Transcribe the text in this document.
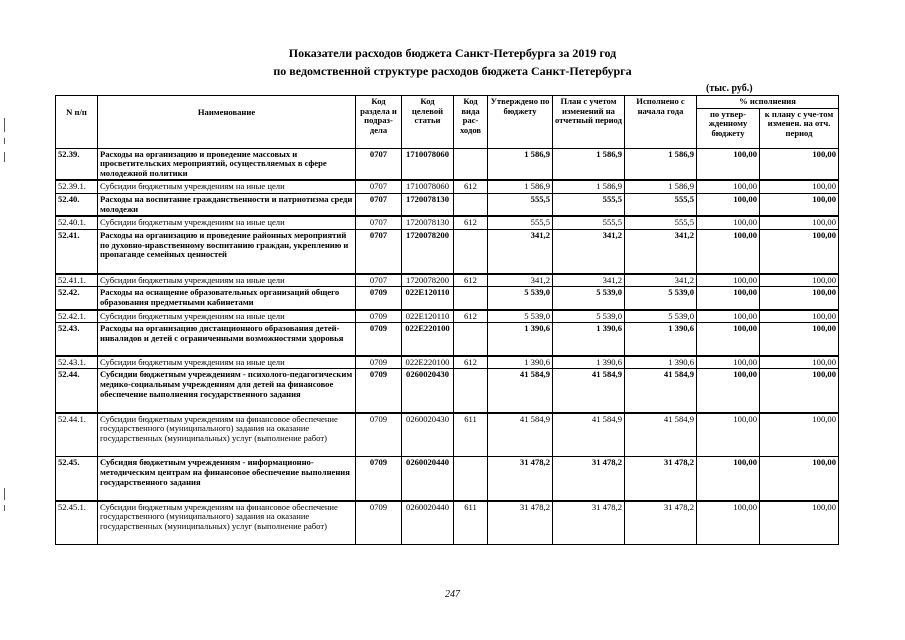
Показатели расходов бюджета Санкт-Петербурга за 2019 год
по ведомственной структуре расходов бюджета Санкт-Петербурга
(тыс. руб.)
N п/п	Наименование	Код раздела и подраз-дела	Код целевой статьи	Код вида рас-ходов	Утверждено по бюджету	План с учетом изменений на отчетный период	Исполнено с начала года	% исполнения	
								по утвер-жденному бюджету	к плану с уче-том изменен. на отч. период
52.39.	Расходы на организацию и проведение массовых и просветительских мероприятий, осуществляемых в сфере молодежной политики	0707	1710078060		1 586,9	1 586,9	1 586,9	100,00	100,00
52.39.1.	Субсидии бюджетным учреждениям на иные цели	0707	1710078060	612	1 586,9	1 586,9	1 586,9	100,00	100,00
52.40.	Расходы на воспитание гражданственности и патриотизма среди молодежи	0707	1720078130		555,5	555,5	555,5	100,00	100,00
52.40.1.	Субсидии бюджетным учреждениям на иные цели	0707	1720078130	612	555,5	555,5	555,5	100,00	100,00
52.41.	Расходы на организацию и проведение районных мероприятий по духовно-нравственному воспитанию граждан, укреплению и пропаганде семейных ценностей	0707	1720078200		341,2	341,2	341,2	100,00	100,00
52.41.1.	Субсидии бюджетным учреждениям на иные цели	0707	1720078200	612	341,2	341,2	341,2	100,00	100,00
52.42.	Расходы на оснащение образовательных организаций общего образования предметными кабинетами	0709	022Е120110		5 539,0	5 539,0	5 539,0	100,00	100,00
52.42.1.	Субсидии бюджетным учреждениям на иные цели	0709	022Е120110	612	5 539,0	5 539,0	5 539,0	100,00	100,00
52.43.	Расходы на организацию дистанционного образования детей-инвалидов и детей с ограниченными возможностями здоровья	0709	022Е220100		1 390,6	1 390,6	1 390,6	100,00	100,00
52.43.1.	Субсидии бюджетным учреждениям на иные цели	0709	022Е220100	612	1 390,6	1 390,6	1 390,6	100,00	100,00
52.44.	Субсидии бюджетным учреждениям - психолого-педагогическим медико-социальным учреждениям для детей на финансовое обеспечение выполнения государственного задания	0709	0260020430		41 584,9	41 584,9	41 584,9	100,00	100,00
52.44.1.	Субсидии бюджетным учреждениям на финансовое обеспечение государственного (муниципального) задания на оказание государственных (муниципальных) услуг (выполнение работ)	0709	0260020430	611	41 584,9	41 584,9	41 584,9	100,00	100,00
52.45.	Субсидия бюджетным учреждениям - информационно-методическим центрам на финансовое обеспечение выполнения государственного задания	0709	0260020440		31 478,2	31 478,2	31 478,2	100,00	100,00
52.45.1.	Субсидии бюджетным учреждениям на финансовое обеспечение государственного (муниципального) задания на оказание государственных (муниципальных) услуг (выполнение работ)	0709	0260020440	611	31 478,2	31 478,2	31 478,2	100,00	100,00
247
